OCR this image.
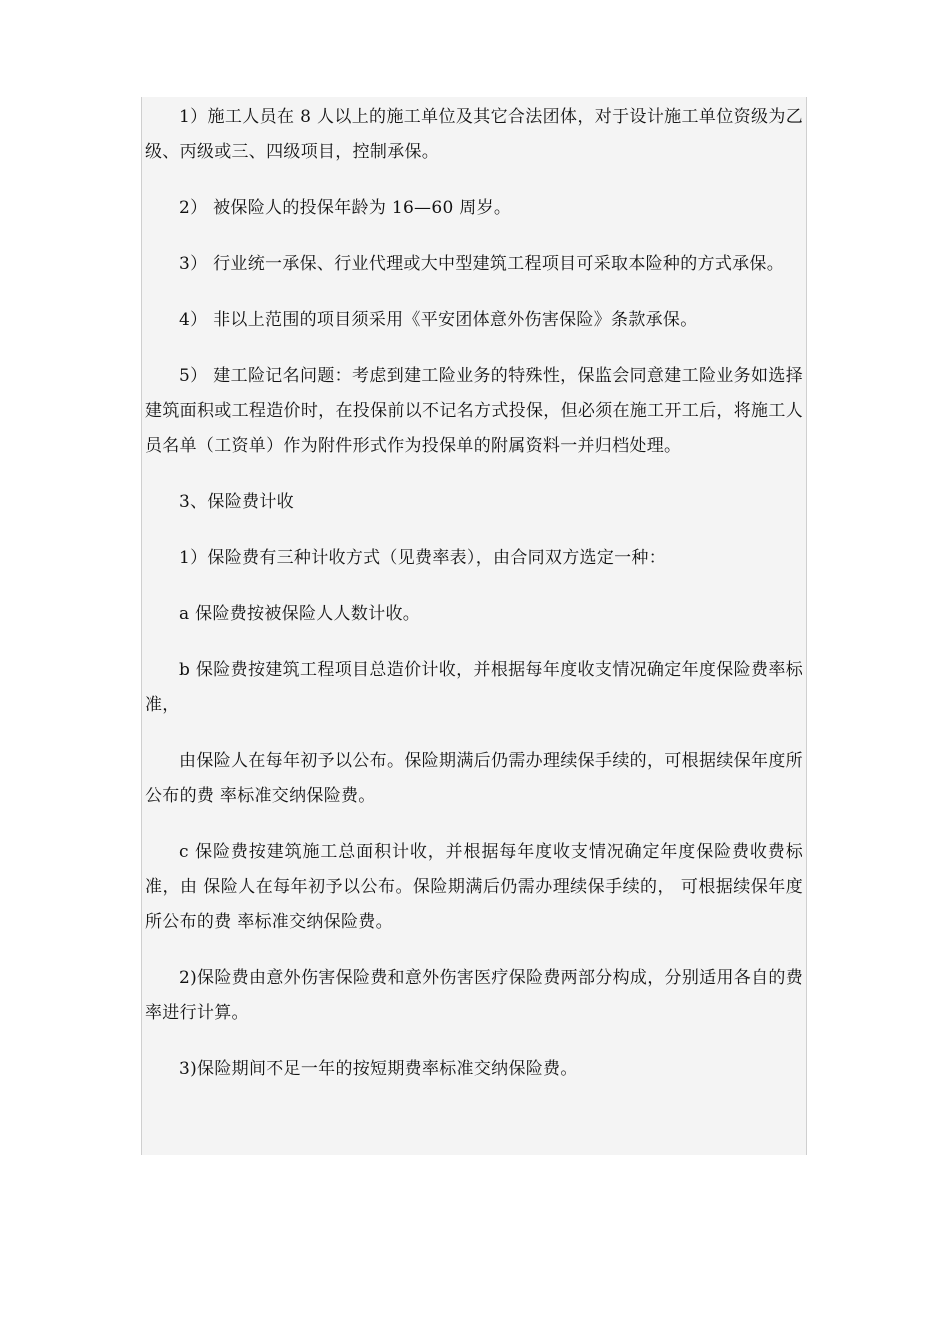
1）施工人员在 8 人以上的施工单位及其它合法团体，对于设计施工单位资级为乙级、丙级或三、四级项目，控制承保。

2） 被保险人的投保年龄为 16—60 周岁。

3） 行业统一承保、行业代理或大中型建筑工程项目可采取本险种的方式承保。

4） 非以上范围的项目须采用《平安团体意外伤害保险》条款承保。

5） 建工险记名问题：考虑到建工险业务的特殊性，保监会同意建工险业务如选择建筑面积或工程造价时，在投保前以不记名方式投保，但必须在施工开工后，将施工人员名单（工资单）作为附件形式作为投保单的附属资料一并归档处理。

3、保险费计收

1）保险费有三种计收方式（见费率表），由合同双方选定一种：

a 保险费按被保险人人数计收。

b 保险费按建筑工程项目总造价计收，并根据每年度收支情况确定年度保险费率标准，

由保险人在每年初予以公布。保险期满后仍需办理续保手续的，可根据续保年度所公布的费 率标准交纳保险费。

c 保险费按建筑施工总面积计收，并根据每年度收支情况确定年度保险费收费标准，由 保险人在每年初予以公布。保险期满后仍需办理续保手续的， 可根据续保年度所公布的费 率标准交纳保险费。

2)保险费由意外伤害保险费和意外伤害医疗保险费两部分构成，分别适用各自的费率进行计算。

3)保险期间不足一年的按短期费率标准交纳保险费。
